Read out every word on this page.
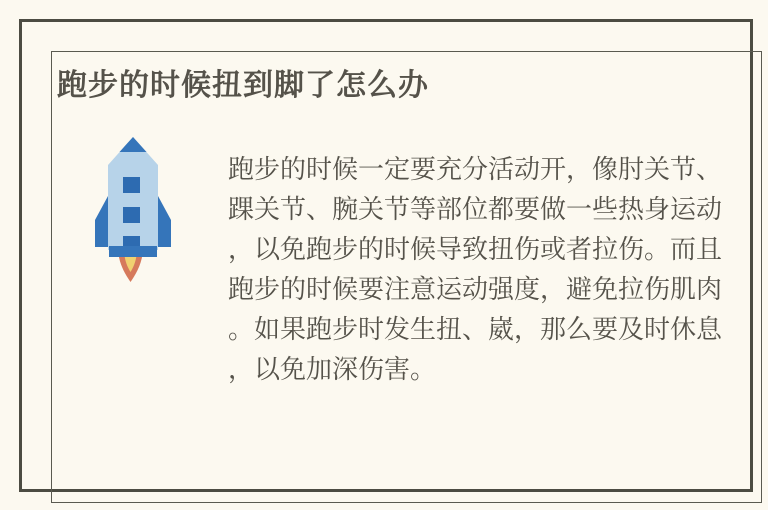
跑步的时候扭到脚了怎么办
跑步的时候一定要充分活动开，像肘关节、
踝关节、腕关节等部位都要做一些热身运动
，以免跑步的时候导致扭伤或者拉伤。而且
跑步的时候要注意运动强度，避免拉伤肌肉
。如果跑步时发生扭、崴，那么要及时休息
，以免加深伤害。
